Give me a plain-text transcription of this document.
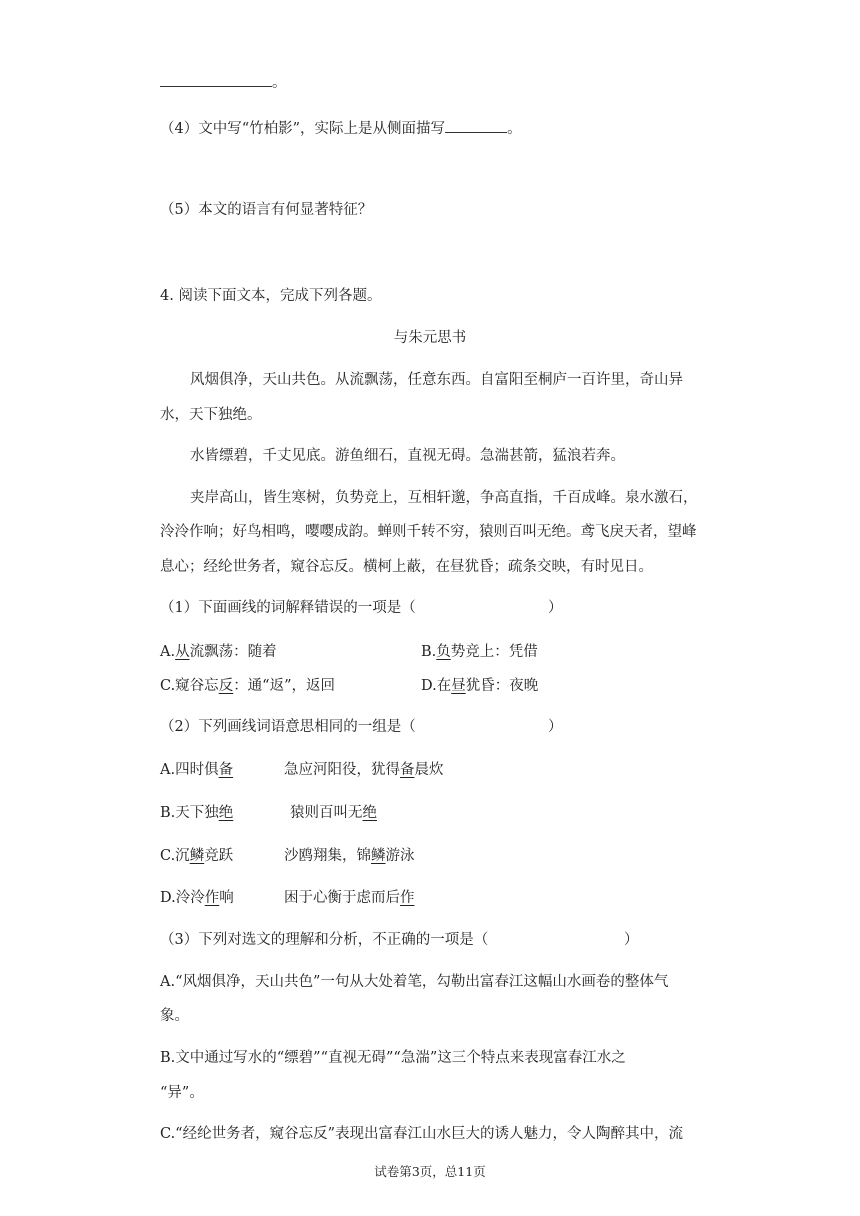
。
（4）文中写“竹柏影”，实际上是从侧面描写	。
（5）本文的语言有何显著特征？
4. 阅读下面文本，完成下列各题。
与朱元思书
风烟俱净，天山共色。从流飘荡，任意东西。自富阳至桐庐一百许里，奇山异
水，天下独绝。
水皆缥碧，千丈见底。游鱼细石，直视无碍。急湍甚箭，猛浪若奔。
夹岸高山，皆生寒树，负势竞上，互相轩邈，争高直指，千百成峰。泉水激石，
泠泠作响；好鸟相鸣，嘤嘤成韵。蝉则千转不穷，猿则百叫无绝。鸢飞戾天者，望峰
息心；经纶世务者，窥谷忘反。横柯上蔽，在昼犹昏；疏条交映，有时见日。
（1）下面画线的词解释错误的一项是（	）
A.从流飘荡：随着	B.负势竞上：凭借
C.窥谷忘反：通“返”，返回	D.在昼犹昏：夜晚
（2）下列画线词语意思相同的一组是（	）
A.四时俱备	急应河阳役，犹得备晨炊
B.天下独绝	猿则百叫无绝
C.沉鳞竞跃	沙鸥翔集，锦鳞游泳
D.泠泠作响	困于心衡于虑而后作
（3）下列对选文的理解和分析，不正确的一项是（	）
A.“风烟俱净，天山共色”一句从大处着笔，勾勒出富春江这幅山水画卷的整体气
象。
B.文中通过写水的“缥碧”“直视无碍”“急湍”这三个特点来表现富春江水之
“异”。
C.“经纶世务者，窥谷忘反”表现出富春江山水巨大的诱人魅力，令人陶醉其中，流
试卷第3页，总11页
